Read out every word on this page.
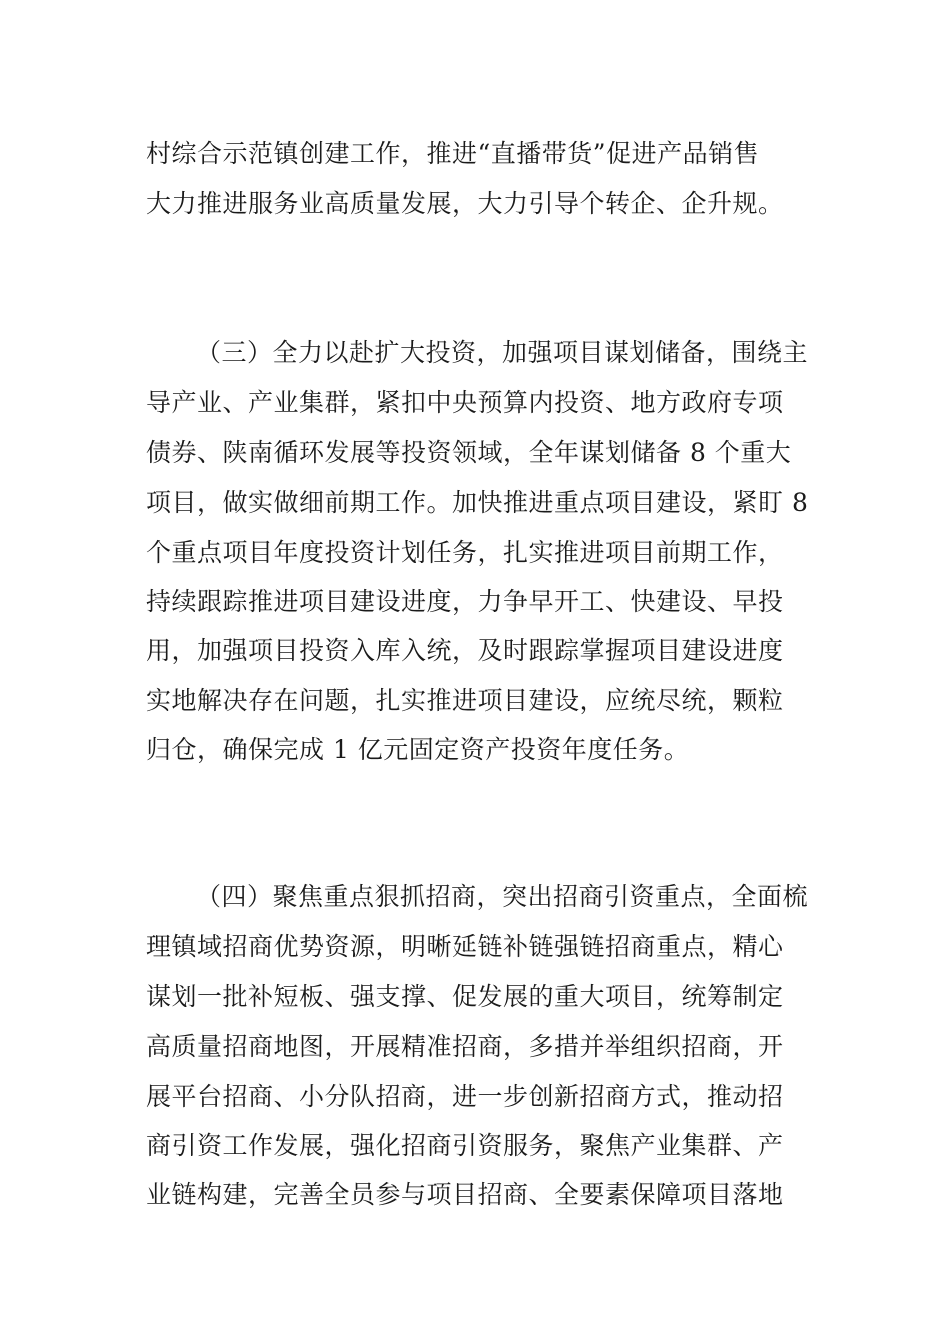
村综合示范镇创建工作，推进“直播带货”促进产品销售
大力推进服务业高质量发展，大力引导个转企、企升规。
（三）全力以赴扩大投资，加强项目谋划储备，围绕主
导产业、产业集群，紧扣中央预算内投资、地方政府专项
债券、陕南循环发展等投资领域，全年谋划储备 8 个重大
项目，做实做细前期工作。加快推进重点项目建设，紧盯 8
个重点项目年度投资计划任务，扎实推进项目前期工作，
持续跟踪推进项目建设进度，力争早开工、快建设、早投
用，加强项目投资入库入统，及时跟踪掌握项目建设进度
实地解决存在问题，扎实推进项目建设，应统尽统，颗粒
归仓，确保完成 1 亿元固定资产投资年度任务。
（四）聚焦重点狠抓招商，突出招商引资重点，全面梳
理镇域招商优势资源，明晰延链补链强链招商重点，精心
谋划一批补短板、强支撑、促发展的重大项目，统筹制定
高质量招商地图，开展精准招商，多措并举组织招商，开
展平台招商、小分队招商，进一步创新招商方式，推动招
商引资工作发展，强化招商引资服务，聚焦产业集群、产
业链构建，完善全员参与项目招商、全要素保障项目落地
